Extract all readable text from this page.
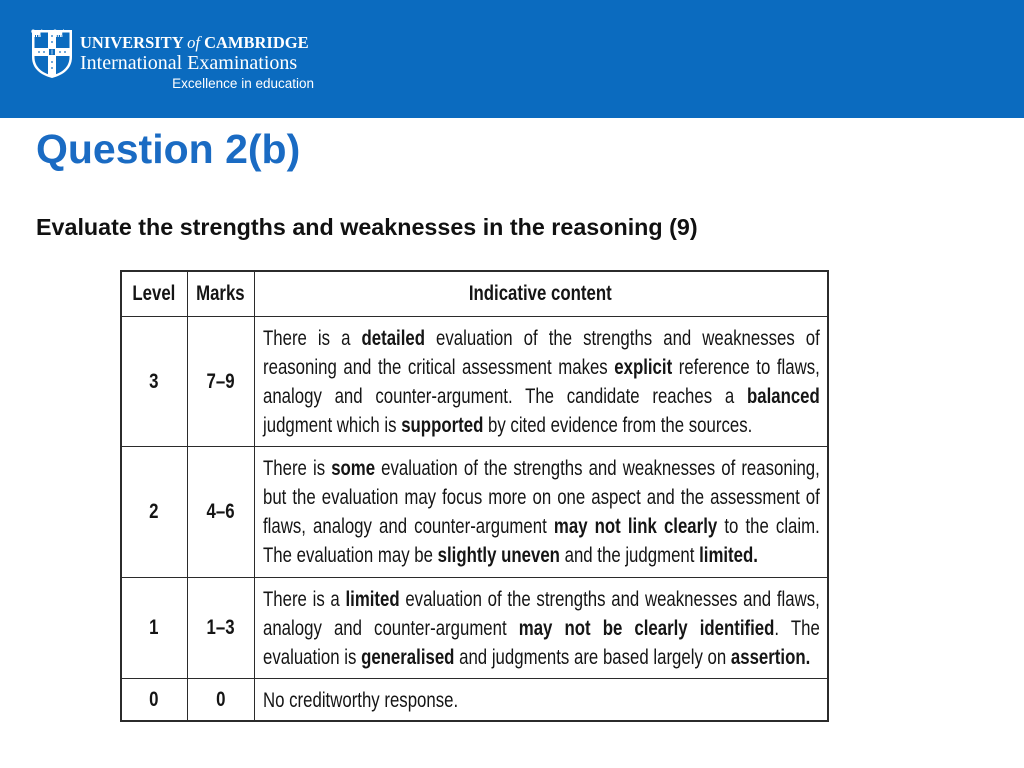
UNIVERSITY of CAMBRIDGE
International Examinations
Excellence in education
Question 2(b)
Evaluate the strengths and weaknesses in the reasoning (9)
Level	Marks	Indicative content
3	7–9	There is a detailed evaluation of the strengths and weaknesses of reasoning and the critical assessment makes explicit reference to flaws, analogy and counter-argument. The candidate reaches a balanced judgment which is supported by cited evidence from the sources.

2	4–6	There is some evaluation of the strengths and weaknesses of reasoning, but the evaluation may focus more on one aspect and the assessment of flaws, analogy and counter-argument may not link clearly to the claim. The evaluation may be slightly uneven and the judgment limited.

1	1–3	There is a limited evaluation of the strengths and weaknesses and flaws, analogy and counter-argument may not be clearly identified. The evaluation is generalised and judgments are based largely on assertion.

0	0	No creditworthy response.
